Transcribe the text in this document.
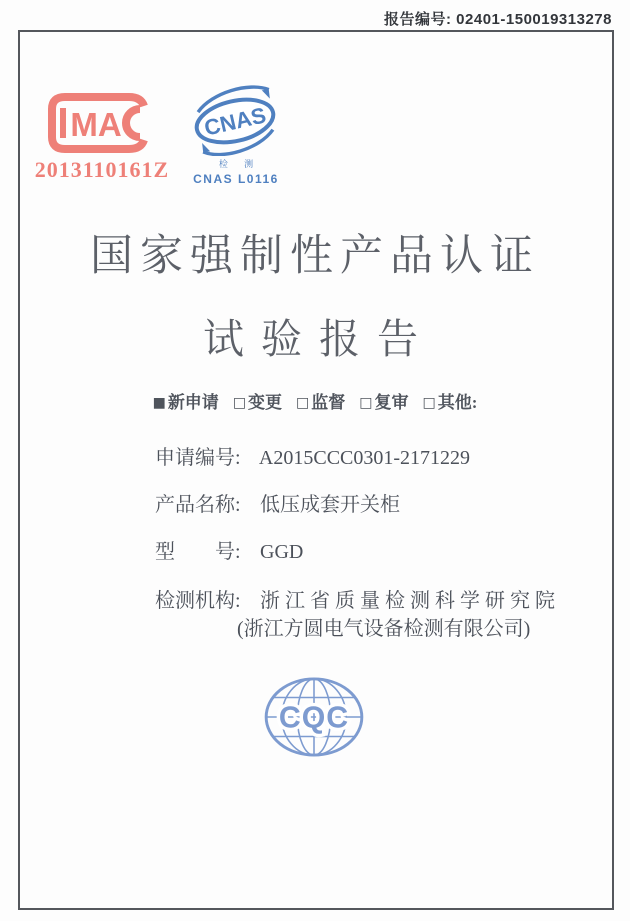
报告编号: 02401-150019313278
MA
2013110161Z
CNAS
检 测
CNAS L0116
国家强制性产品认证
试验报告
■ 新申请 □ 变更 □ 监督 □ 复审 □ 其他:
申请编号: A2015CCC0301-2171229
产品名称: 低压成套开关柜
型　　号: GGD
检测机构: 浙江省质量检测科学研究院
(浙江方圆电气设备检测有限公司)
CQC
